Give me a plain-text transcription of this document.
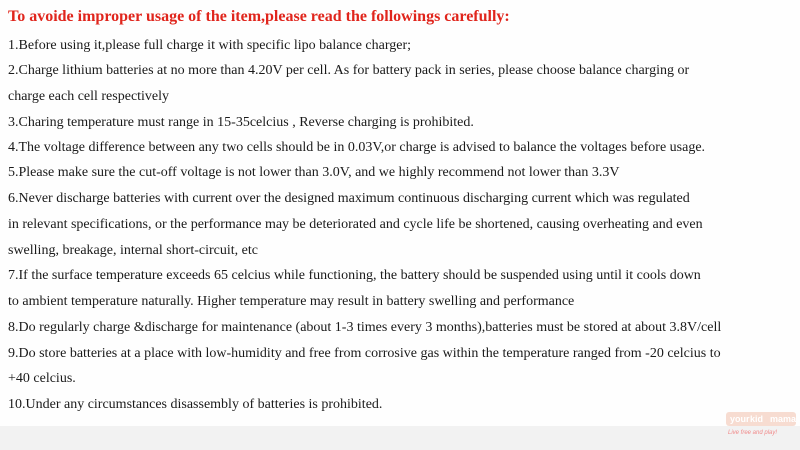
To avoide improper usage of the item,please read the followings carefully:
1.Before using it,please full charge it with specific lipo balance charger;
2.Charge lithium batteries at no more than 4.20V per cell. As for battery pack in series, please choose balance charging or
charge each cell respectively
3.Charing temperature must range in 15-35celcius , Reverse charging is prohibited.
4.The voltage difference between any two cells should be in 0.03V,or charge is advised to balance the voltages before usage.
5.Please make sure the cut-off voltage is not lower than 3.0V, and we highly recommend not lower than 3.3V
6.Never discharge batteries with current over the designed maximum continuous discharging current which was regulated
in relevant specifications, or the performance may be deteriorated and cycle life be shortened, causing overheating and even
swelling, breakage, internal short-circuit, etc
7.If the surface temperature exceeds 65 celcius while functioning, the battery should be suspended using until it cools down
to ambient temperature naturally. Higher temperature may result in battery swelling and performance
8.Do regularly charge &discharge for maintenance (about 1-3 times every 3 months),batteries must be stored at about 3.8V/cell
9.Do store batteries at a place with low-humidity and free from corrosive gas within the temperature ranged from -20 celcius to
+40 celcius.
10.Under any circumstances disassembly of batteries is prohibited.
your kid mama
Live free and play!
